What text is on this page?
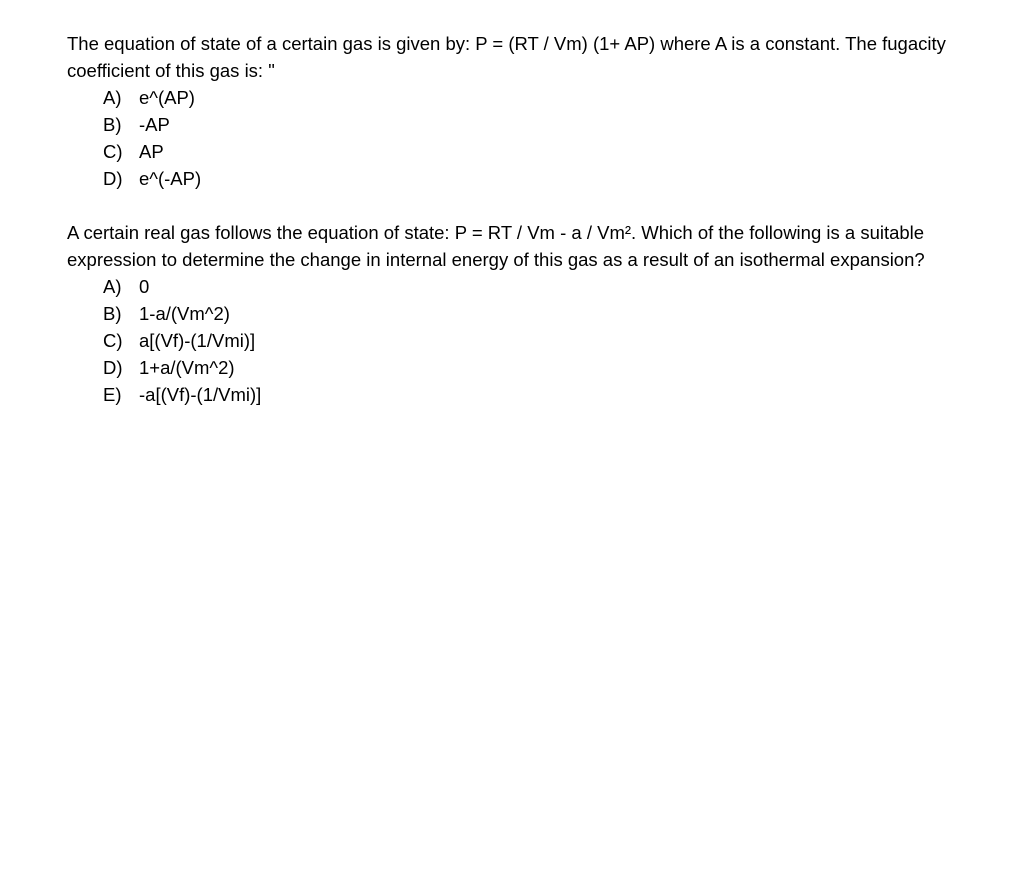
The equation of state of a certain gas is given by: P = (RT / Vm) (1+ AP) where A is a constant. The fugacity coefficient of this gas is: "

A) e^(AP)
B) -AP
C) AP
D) e^(-AP)

A certain real gas follows the equation of state: P = RT / Vm - a / Vm². Which of the following is a suitable expression to determine the change in internal energy of this gas as a result of an isothermal expansion?

A) 0
B) 1-a/(Vm^2)
C) a[(Vf)-(1/Vmi)]
D) 1+a/(Vm^2)
E) -a[(Vf)-(1/Vmi)]
